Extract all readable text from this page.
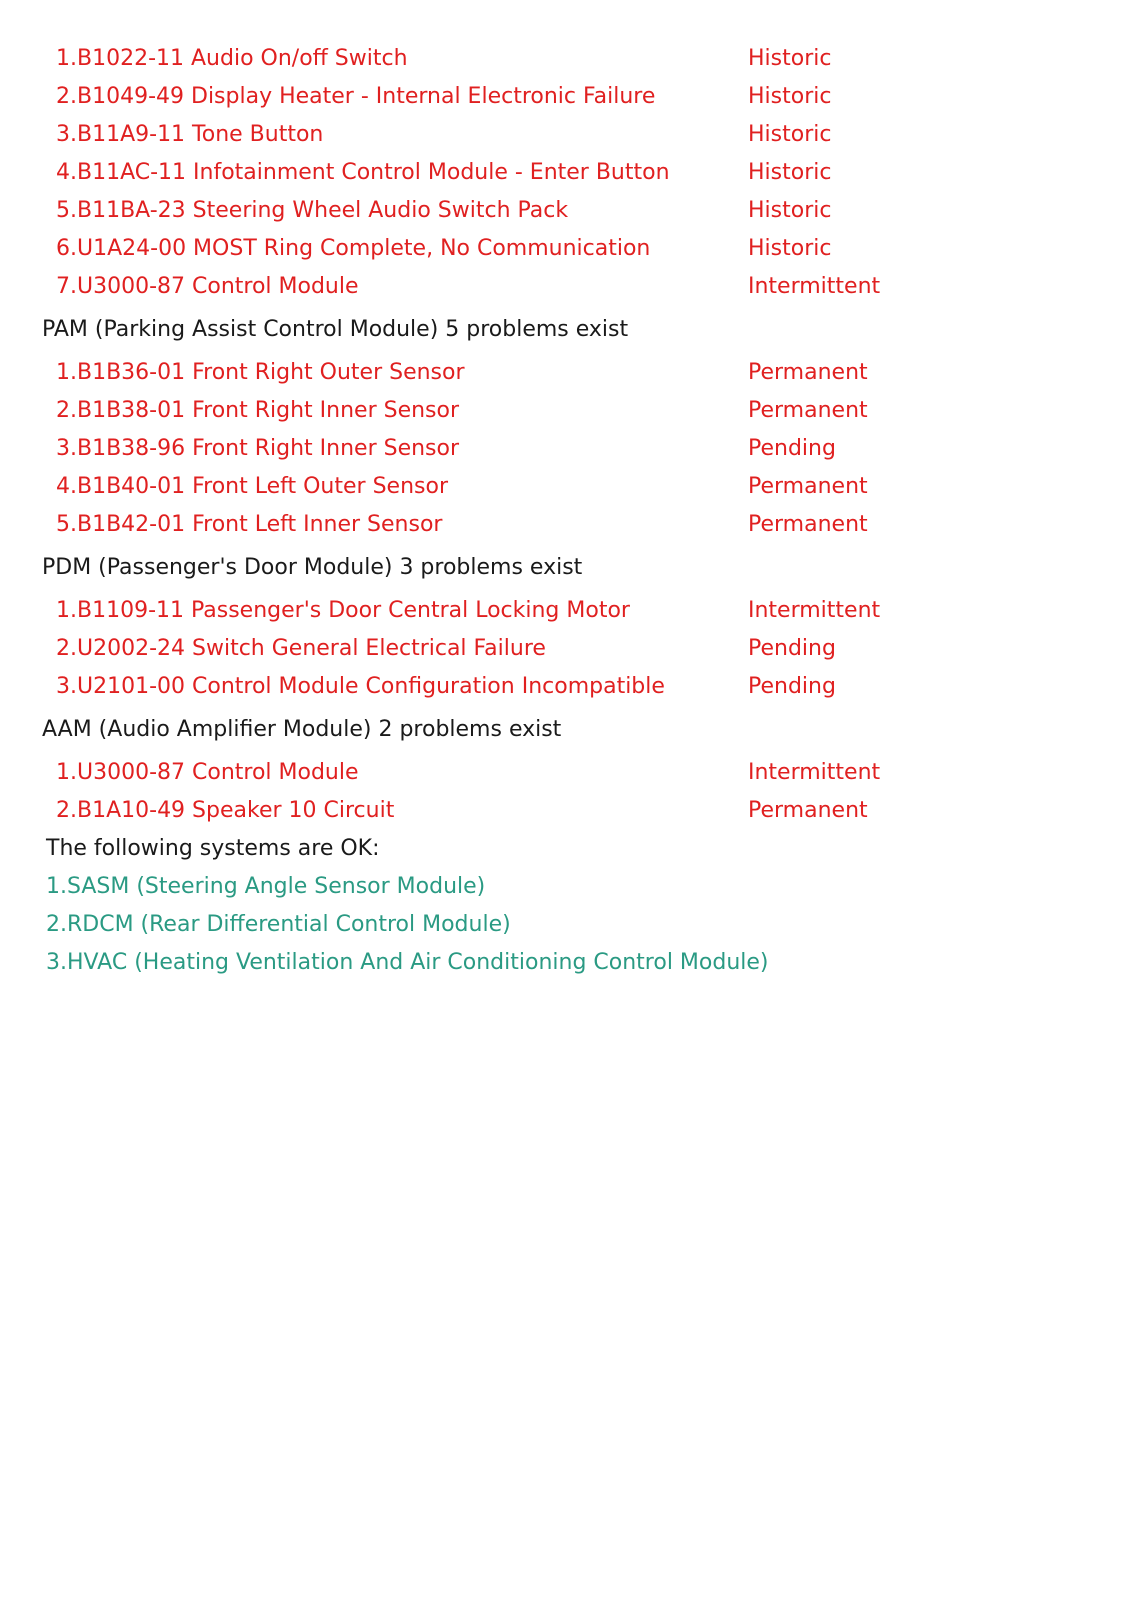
1.B1022-11 Audio On/off Switch	Historic
2.B1049-49 Display Heater - Internal Electronic Failure	Historic
3.B11A9-11 Tone Button	Historic
4.B11AC-11 Infotainment Control Module - Enter Button	Historic
5.B11BA-23 Steering Wheel Audio Switch Pack	Historic
6.U1A24-00 MOST Ring Complete, No Communication	Historic
7.U3000-87 Control Module	Intermittent
PAM (Parking Assist Control Module) 5 problems exist
1.B1B36-01 Front Right Outer Sensor	Permanent
2.B1B38-01 Front Right Inner Sensor	Permanent
3.B1B38-96 Front Right Inner Sensor	Pending
4.B1B40-01 Front Left Outer Sensor	Permanent
5.B1B42-01 Front Left Inner Sensor	Permanent
PDM (Passenger's Door Module) 3 problems exist
1.B1109-11 Passenger's Door Central Locking Motor	Intermittent
2.U2002-24 Switch General Electrical Failure	Pending
3.U2101-00 Control Module Configuration Incompatible	Pending
AAM (Audio Amplifier Module) 2 problems exist
1.U3000-87 Control Module	Intermittent
2.B1A10-49 Speaker 10 Circuit	Permanent
The following systems are OK:
1.SASM (Steering Angle Sensor Module)
2.RDCM (Rear Differential Control Module)
3.HVAC (Heating Ventilation And Air Conditioning Control Module)
